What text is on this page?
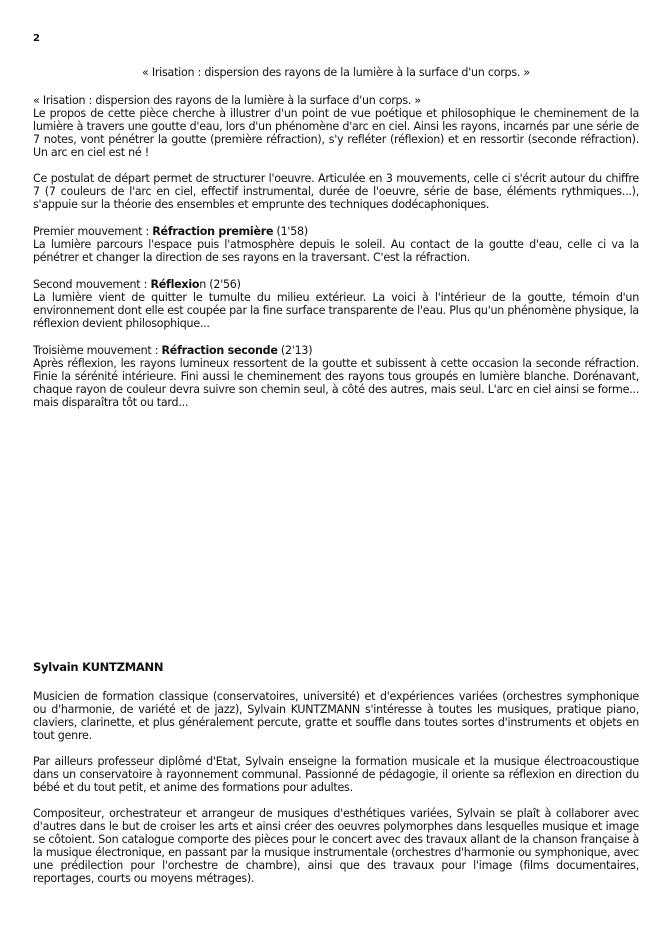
2
« Irisation : dispersion des rayons de la lumière à la surface d'un corps. »

« Irisation : dispersion des rayons de la lumière à la surface d'un corps. »

Le propos de cette pièce cherche à illustrer d'un point de vue poétique et philosophique le cheminement de la lumière à travers une goutte d'eau, lors d'un phénomène d'arc en ciel. Ainsi les rayons, incarnés par une série de 7 notes, vont pénétrer la goutte (première réfraction), s'y refléter (réflexion) et en ressortir (seconde réfraction). Un arc en ciel est né !

Ce postulat de départ permet de structurer l'oeuvre. Articulée en 3 mouvements, celle ci s'écrit autour du chiffre 7 (7 couleurs de l'arc en ciel, effectif instrumental, durée de l'oeuvre, série de base, éléments rythmiques...), s'appuie sur la théorie des ensembles et emprunte des techniques dodécaphoniques.

Premier mouvement : Réfraction première (1'58)

La lumière parcours l'espace puis l'atmosphère depuis le soleil. Au contact de la goutte d'eau, celle ci va la pénétrer et changer la direction de ses rayons en la traversant. C'est la réfraction.

Second mouvement : Réflexion (2'56)

La lumière vient de quitter le tumulte du milieu extérieur. La voici à l'intérieur de la goutte, témoin d'un environnement dont elle est coupée par la fine surface transparente de l'eau. Plus qu'un phénomène physique, la réflexion devient philosophique...

Troisième mouvement : Réfraction seconde (2'13)

Après réflexion, les rayons lumineux ressortent de la goutte et subissent à cette occasion la seconde réfraction. Finie la sérénité intérieure. Fini aussi le cheminement des rayons tous groupés en lumière blanche. Dorénavant, chaque rayon de couleur devra suivre son chemin seul, à côté des autres, mais seul. L'arc en ciel ainsi se forme... mais disparaîtra tôt ou tard...

Sylvain KUNTZMANN

Musicien de formation classique (conservatoires, université) et d'expériences variées (orchestres symphonique ou d'harmonie, de variété et de jazz), Sylvain KUNTZMANN s'intéresse à toutes les musiques, pratique piano, claviers, clarinette, et plus généralement percute, gratte et souffle dans toutes sortes d'instruments et objets en tout genre.

Par ailleurs professeur diplômé d'Etat, Sylvain enseigne la formation musicale et la musique électroacoustique dans un conservatoire à rayonnement communal. Passionné de pédagogie, il oriente sa réflexion en direction du bébé et du tout petit, et anime des formations pour adultes.

Compositeur, orchestrateur et arrangeur de musiques d'esthétiques variées, Sylvain se plaît à collaborer avec d'autres dans le but de croiser les arts et ainsi créer des oeuvres polymorphes dans lesquelles musique et image se côtoient. Son catalogue comporte des pièces pour le concert avec des travaux allant de la chanson française à la musique électronique, en passant par la musique instrumentale (orchestres d'harmonie ou symphonique, avec une prédilection pour l'orchestre de chambre), ainsi que des travaux pour l'image (films documentaires, reportages, courts ou moyens métrages).
